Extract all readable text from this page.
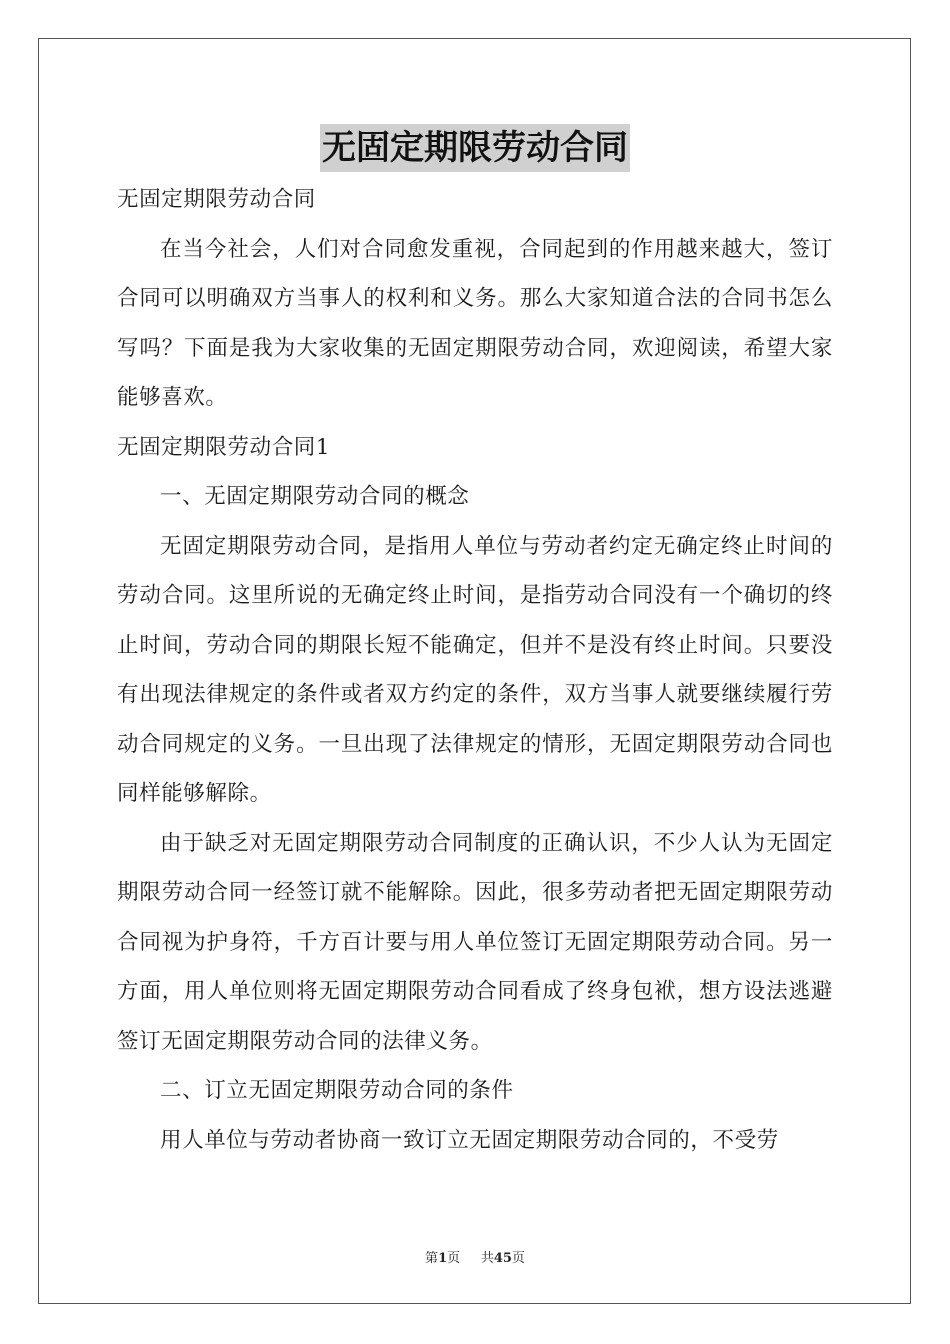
无固定期限劳动合同

无固定期限劳动合同

在当今社会，人们对合同愈发重视，合同起到的作用越来越大，签订合同可以明确双方当事人的权利和义务。那么大家知道合法的合同书怎么写吗？下面是我为大家收集的无固定期限劳动合同，欢迎阅读，希望大家能够喜欢。

无固定期限劳动合同1

一、无固定期限劳动合同的概念

无固定期限劳动合同，是指用人单位与劳动者约定无确定终止时间的劳动合同。这里所说的无确定终止时间，是指劳动合同没有一个确切的终止时间，劳动合同的期限长短不能确定，但并不是没有终止时间。只要没有出现法律规定的条件或者双方约定的条件，双方当事人就要继续履行劳动合同规定的义务。一旦出现了法律规定的情形，无固定期限劳动合同也同样能够解除。

由于缺乏对无固定期限劳动合同制度的正确认识，不少人认为无固定期限劳动合同一经签订就不能解除。因此，很多劳动者把无固定期限劳动合同视为护身符，千方百计要与用人单位签订无固定期限劳动合同。另一方面，用人单位则将无固定期限劳动合同看成了终身包袱，想方设法逃避签订无固定期限劳动合同的法律义务。

二、订立无固定期限劳动合同的条件

用人单位与劳动者协商一致订立无固定期限劳动合同的，不受劳

第1页 共45页
